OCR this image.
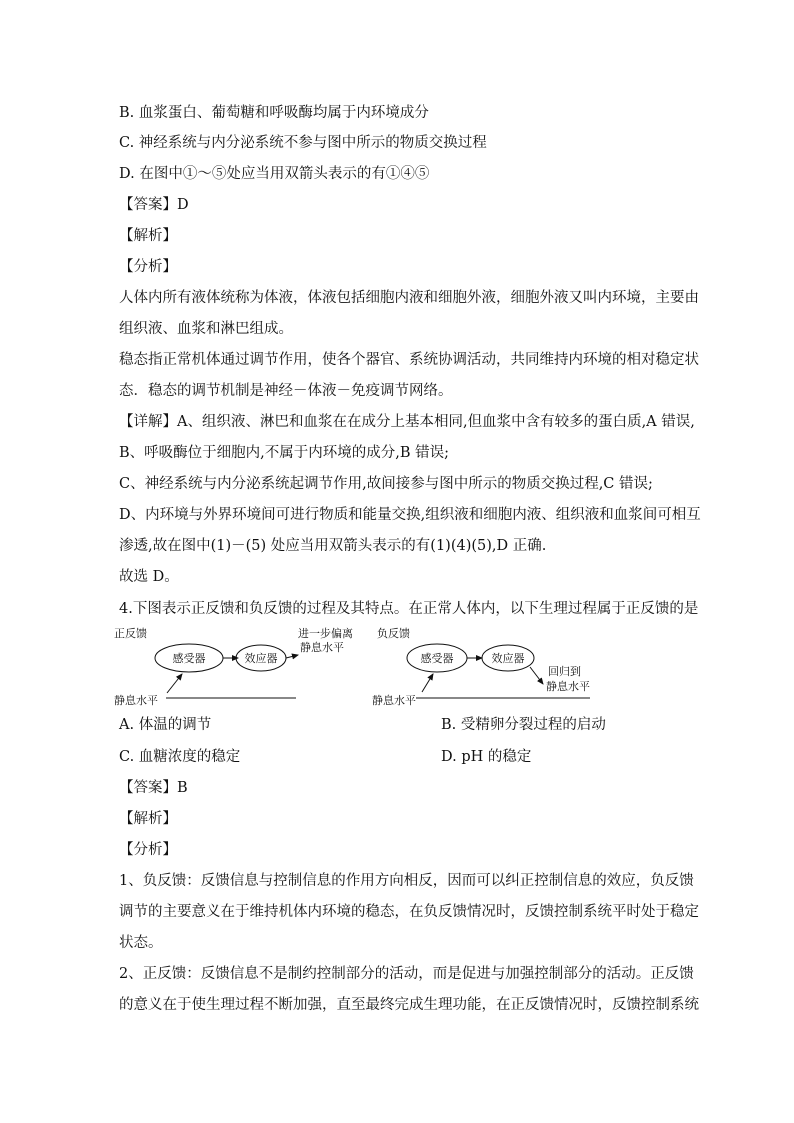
B. 血浆蛋白、葡萄糖和呼吸酶均属于内环境成分
C. 神经系统与内分泌系统不参与图中所示的物质交换过程
D. 在图中①～⑤处应当用双箭头表示的有①④⑤
【答案】D
【解析】
【分析】
人体内所有液体统称为体液，体液包括细胞内液和细胞外液，细胞外液又叫内环境，主要由
组织液、血浆和淋巴组成。
稳态指正常机体通过调节作用，使各个器官、系统协调活动，共同维持内环境的相对稳定状
态．稳态的调节机制是神经－体液－免疫调节网络。
【详解】A、组织液、淋巴和血浆在在成分上基本相同,但血浆中含有较多的蛋白质,A 错误,
B、呼吸酶位于细胞内,不属于内环境的成分,B 错误;
C、神经系统与内分泌系统起调节作用,故间接参与图中所示的物质交换过程,C 错误;
D、内环境与外界环境间可进行物质和能量交换,组织液和细胞内液、组织液和血浆间可相互
渗透,故在图中(1)－(5) 处应当用双箭头表示的有(1)(4)(5),D 正确.
故选 D。
4.下图表示正反馈和负反馈的过程及其特点。在正常人体内，以下生理过程属于正反馈的是
正反馈
感受器	效应器
进一步偏离
静息水平
静息水平
负反馈
感受器	效应器
回归到
静息水平
静息水平
A. 体温的调节	B. 受精卵分裂过程的启动
C. 血糖浓度的稳定	D. pH 的稳定
【答案】B
【解析】
【分析】
1、负反馈：反馈信息与控制信息的作用方向相反，因而可以纠正控制信息的效应，负反馈
调节的主要意义在于维持机体内环境的稳态，在负反馈情况时，反馈控制系统平时处于稳定
状态。
2、正反馈：反馈信息不是制约控制部分的活动，而是促进与加强控制部分的活动。正反馈
的意义在于使生理过程不断加强，直至最终完成生理功能，在正反馈情况时，反馈控制系统
